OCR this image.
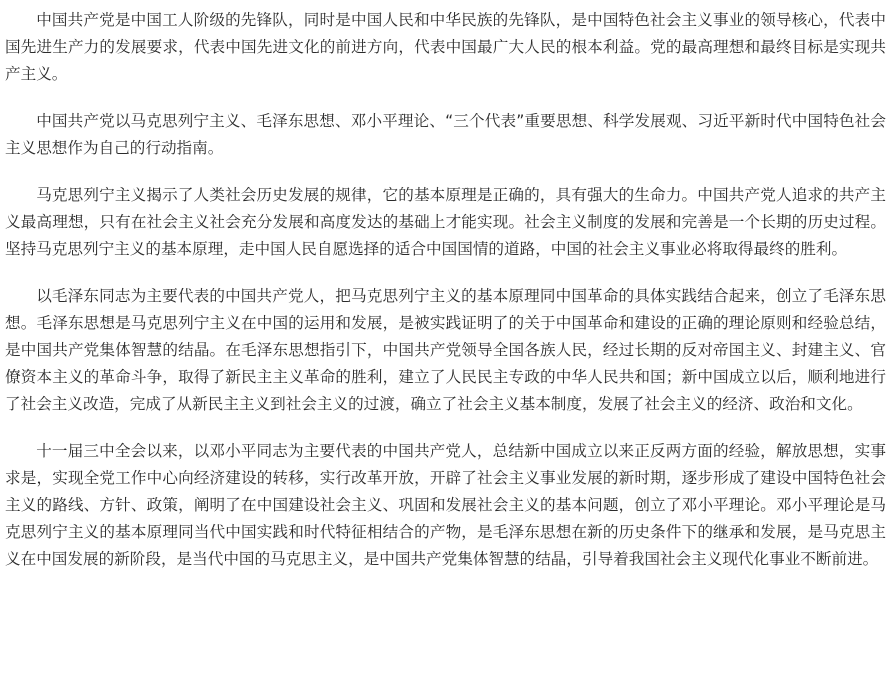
中国共产党是中国工人阶级的先锋队，同时是中国人民和中华民族的先锋队，是中国特色社会主义事业的领导核心，代表中国先进生产力的发展要求，代表中国先进文化的前进方向，代表中国最广大人民的根本利益。党的最高理想和最终目标是实现共产主义。

中国共产党以马克思列宁主义、毛泽东思想、邓小平理论、“三个代表”重要思想、科学发展观、习近平新时代中国特色社会主义思想作为自己的行动指南。

马克思列宁主义揭示了人类社会历史发展的规律，它的基本原理是正确的，具有强大的生命力。中国共产党人追求的共产主义最高理想，只有在社会主义社会充分发展和高度发达的基础上才能实现。社会主义制度的发展和完善是一个长期的历史过程。坚持马克思列宁主义的基本原理，走中国人民自愿选择的适合中国国情的道路，中国的社会主义事业必将取得最终的胜利。

以毛泽东同志为主要代表的中国共产党人，把马克思列宁主义的基本原理同中国革命的具体实践结合起来，创立了毛泽东思想。毛泽东思想是马克思列宁主义在中国的运用和发展，是被实践证明了的关于中国革命和建设的正确的理论原则和经验总结，是中国共产党集体智慧的结晶。在毛泽东思想指引下，中国共产党领导全国各族人民，经过长期的反对帝国主义、封建主义、官僚资本主义的革命斗争，取得了新民主主义革命的胜利，建立了人民民主专政的中华人民共和国；新中国成立以后，顺利地进行了社会主义改造，完成了从新民主主义到社会主义的过渡，确立了社会主义基本制度，发展了社会主义的经济、政治和文化。

十一届三中全会以来，以邓小平同志为主要代表的中国共产党人，总结新中国成立以来正反两方面的经验，解放思想，实事求是，实现全党工作中心向经济建设的转移，实行改革开放，开辟了社会主义事业发展的新时期，逐步形成了建设中国特色社会主义的路线、方针、政策，阐明了在中国建设社会主义、巩固和发展社会主义的基本问题，创立了邓小平理论。邓小平理论是马克思列宁主义的基本原理同当代中国实践和时代特征相结合的产物，是毛泽东思想在新的历史条件下的继承和发展，是马克思主义在中国发展的新阶段，是当代中国的马克思主义，是中国共产党集体智慧的结晶，引导着我国社会主义现代化事业不断前进。
